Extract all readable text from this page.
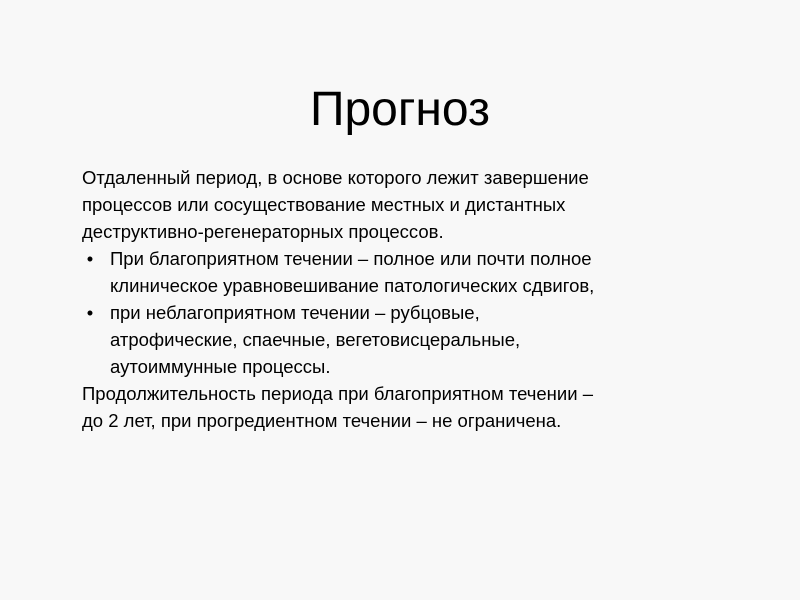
Прогноз

Отдаленный период, в основе которого лежит завершение
процессов или сосуществование местных и дистантных
деструктивно-регенераторных процессов.

• При благоприятном течении – полное или почти полное
клиническое уравновешивание патологических сдвигов,
• при неблагоприятном течении – рубцовые,
атрофические, спаечные, вегетовисцеральные,
аутоиммунные процессы.

Продолжительность периода при благоприятном течении –
до 2 лет, при прогредиентном течении – не ограничена.
